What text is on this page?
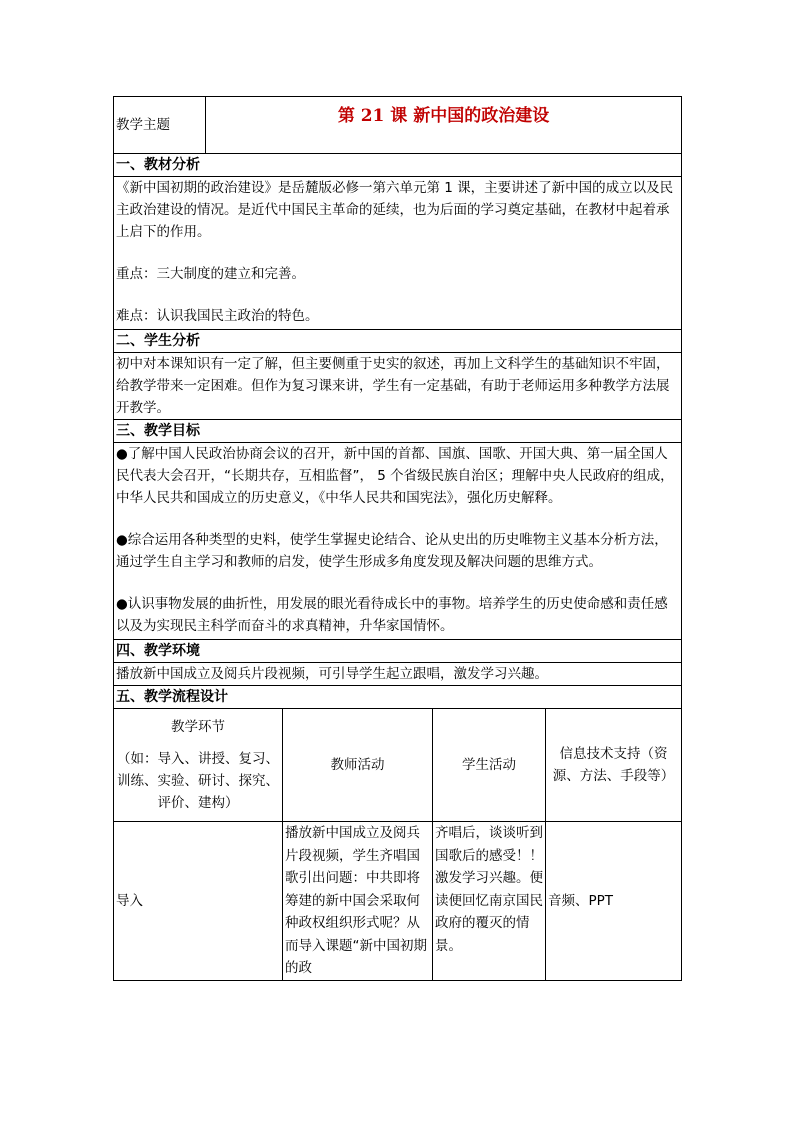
教学主题	第 21 课 新中国的政治建设			
一、教材分析				

《新中国初期的政治建设》是岳麓版必修一第六单元第 1 课，主要讲述了新中国的成立以及民主政治建设的情况。是近代中国民主革命的延续，也为后面的学习奠定基础，在教材中起着承上启下的作用。

重点：三大制度的建立和完善。

难点：认识我国民主政治的特色。				

二、学生分析				
初中对本课知识有一定了解，但主要侧重于史实的叙述，再加上文科学生的基础知识不牢固，给教学带来一定困难。但作为复习课来讲，学生有一定基础，有助于老师运用多种教学方法展开教学。				
三、教学目标				

●了解中国人民政治协商会议的召开，新中国的首都、国旗、国歌、开国大典、第一届全国人民代表大会召开，“长期共存，互相监督”， 5 个省级民族自治区；理解中央人民政府的组成，中华人民共和国成立的历史意义，《中华人民共和国宪法》，强化历史解释。

●综合运用各种类型的史料，使学生掌握史论结合、论从史出的历史唯物主义基本分析方法，通过学生自主学习和教师的启发，使学生形成多角度发现及解决问题的思维方式。

●认识事物发展的曲折性，用发展的眼光看待成长中的事物。培养学生的历史使命感和责任感以及为实现民主科学而奋斗的求真精神，升华家国情怀。				

四、教学环境				
播放新中国成立及阅兵片段视频，可引导学生起立跟唱，激发学习兴趣。				
五、教学流程设计				

教学环节
（如：导入、讲授、复习、训练、实验、研讨、探究、评价、建构）		教师活动	学生活动	信息技术支持（资源、方法、手段等）
导入		播放新中国成立及阅兵片段视频，学生齐唱国歌引出问题：中共即将筹建的新中国会采取何种政权组织形式呢？从而导入课题“新中国初期的政	齐唱后，谈谈听到国歌后的感受！！激发学习兴趣。便读便回忆南京国民政府的覆灭的情景。	音频、PPT
